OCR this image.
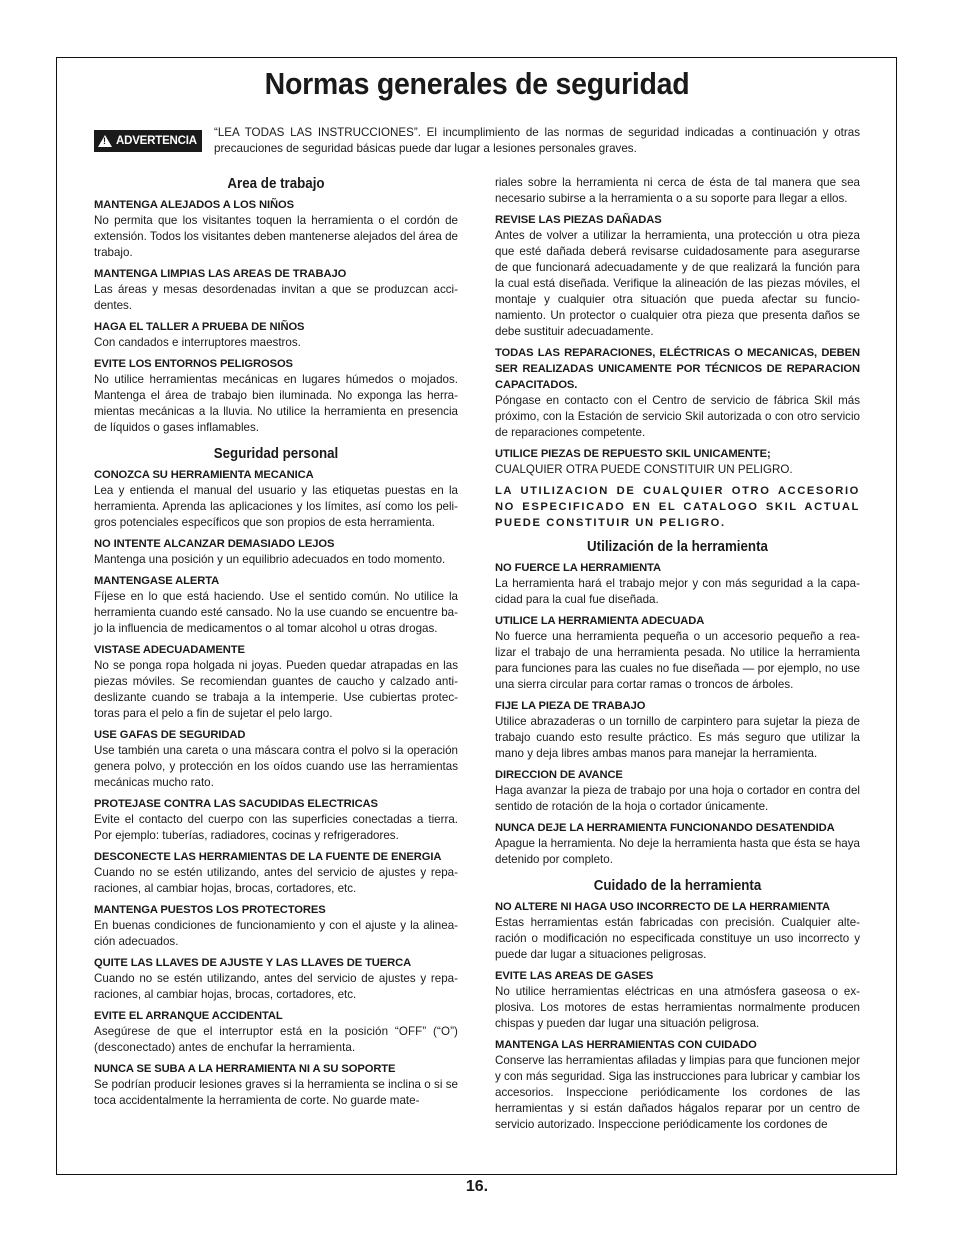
Normas generales de seguridad
! ADVERTENCIA
“LEA TODAS LAS INSTRUCCIONES”. El incumplimiento de las normas de seguridad indicadas a continuación y otras precauciones de seguridad básicas puede dar lugar a lesiones personales graves.
Area de trabajo
MANTENGA ALEJADOS A LOS NIÑOS
No permita que los visitantes toquen la herramienta o el cordón de extensión. Todos los visitantes deben mantenerse alejados del área de trabajo.
MANTENGA LIMPIAS LAS AREAS DE TRABAJO
Las áreas y mesas desordenadas invitan a que se produzcan acci-dentes.
HAGA EL TALLER A PRUEBA DE NIÑOS
Con candados e interruptores maestros.
EVITE LOS ENTORNOS PELIGROSOS
No utilice herramientas mecánicas en lugares húmedos o mojados. Mantenga el área de trabajo bien iluminada. No exponga las herra-mientas mecánicas a la lluvia. No utilice la herramienta en presencia de líquidos o gases inflamables.
Seguridad personal
CONOZCA SU HERRAMIENTA MECANICA
Lea y entienda el manual del usuario y las etiquetas puestas en la herramienta. Aprenda las aplicaciones y los límites, así como los peli-gros potenciales específicos que son propios de esta herramienta.
NO INTENTE ALCANZAR DEMASIADO LEJOS
Mantenga una posición y un equilibrio adecuados en todo momento.
MANTENGASE ALERTA
Fíjese en lo que está haciendo. Use el sentido común. No utilice la herramienta cuando esté cansado. No la use cuando se encuentre ba-jo la influencia de medicamentos o al tomar alcohol u otras drogas.
VISTASE ADECUADAMENTE
No se ponga ropa holgada ni joyas. Pueden quedar atrapadas en las piezas móviles. Se recomiendan guantes de caucho y calzado anti-deslizante cuando se trabaja a la intemperie. Use cubiertas protec-toras para el pelo a fin de sujetar el pelo largo.
USE GAFAS DE SEGURIDAD
Use también una careta o una máscara contra el polvo si la operación genera polvo, y protección en los oídos cuando use las herramientas mecánicas mucho rato.
PROTEJASE CONTRA LAS SACUDIDAS ELECTRICAS
Evite el contacto del cuerpo con las superficies conectadas a tierra. Por ejemplo: tuberías, radiadores, cocinas y refrigeradores.
DESCONECTE LAS HERRAMIENTAS DE LA FUENTE DE ENERGIA
Cuando no se estén utilizando, antes del servicio de ajustes y repa-raciones, al cambiar hojas, brocas, cortadores, etc.
MANTENGA PUESTOS LOS PROTECTORES
En buenas condiciones de funcionamiento y con el ajuste y la alinea-ción adecuados.
QUITE LAS LLAVES DE AJUSTE Y LAS LLAVES DE TUERCA
Cuando no se estén utilizando, antes del servicio de ajustes y repa-raciones, al cambiar hojas, brocas, cortadores, etc.
EVITE EL ARRANQUE ACCIDENTAL
Asegúrese de que el interruptor está en la posición “OFF” (“O”)(desconectado) antes de enchufar la herramienta.
NUNCA SE SUBA A LA HERRAMIENTA NI A SU SOPORTE
Se podrían producir lesiones graves si la herramienta se inclina o si se toca accidentalmente la herramienta de corte. No guarde mate-
riales sobre la herramienta ni cerca de ésta de tal manera que sea necesario subirse a la herramienta o a su soporte para llegar a ellos.
REVISE LAS PIEZAS DAÑADAS
Antes de volver a utilizar la herramienta, una protección u otra pieza que esté dañada deberá revisarse cuidadosamente para asegurarse de que funcionará adecuadamente y de que realizará la función para la cual está diseñada. Verifique la alineación de las piezas móviles, el montaje y cualquier otra situación que pueda afectar su funcio-namiento. Un protector o cualquier otra pieza que presenta daños se debe sustituir adecuadamente.
TODAS LAS REPARACIONES, ELÉCTRICAS O MECANICAS, DEBEN SER REALIZADAS UNICAMENTE POR TÉCNICOS DE REPARACION CAPACITADOS.
Póngase en contacto con el Centro de servicio de fábrica Skil más próximo, con la Estación de servicio Skil autorizada o con otro servicio de reparaciones competente.
UTILICE PIEZAS DE REPUESTO SKIL UNICAMENTE;
CUALQUIER OTRA PUEDE CONSTITUIR UN PELIGRO.
LA UTILIZACION DE CUALQUIER OTRO ACCESORIO NO ESPECIFICADO EN EL CATALOGO SKIL ACTUAL PUEDE CONSTITUIR UN PELIGRO.
Utilización de la herramienta
NO FUERCE LA HERRAMIENTA
La herramienta hará el trabajo mejor y con más seguridad a la capa-cidad para la cual fue diseñada.
UTILICE LA HERRAMIENTA ADECUADA
No fuerce una herramienta pequeña o un accesorio pequeño a rea-lizar el trabajo de una herramienta pesada. No utilice la herramienta para funciones para las cuales no fue diseñada — por ejemplo, no use una sierra circular para cortar ramas o troncos de árboles.
FIJE LA PIEZA DE TRABAJO
Utilice abrazaderas o un tornillo de carpintero para sujetar la pieza de trabajo cuando esto resulte práctico. Es más seguro que utilizar la mano y deja libres ambas manos para manejar la herramienta.
DIRECCION DE AVANCE
Haga avanzar la pieza de trabajo por una hoja o cortador en contra del sentido de rotación de la hoja o cortador únicamente.
NUNCA DEJE LA HERRAMIENTA FUNCIONANDO DESATENDIDA
Apague la herramienta. No deje la herramienta hasta que ésta se haya detenido por completo.
Cuidado de la herramienta
NO ALTERE NI HAGA USO INCORRECTO DE LA HERRAMIENTA
Estas herramientas están fabricadas con precisión. Cualquier alte-ración o modificación no especificada constituye un uso incorrecto y puede dar lugar a situaciones peligrosas.
EVITE LAS AREAS DE GASES
No utilice herramientas eléctricas en una atmósfera gaseosa o ex-plosiva. Los motores de estas herramientas normalmente producen chispas y pueden dar lugar una situación peligrosa.
MANTENGA LAS HERRAMIENTAS CON CUIDADO
Conserve las herramientas afiladas y limpias para que funcionen mejor y con más seguridad. Siga las instrucciones para lubricar y cambiar los accesorios. Inspeccione periódicamente los cordones de las herramientas y si están dañados hágalos reparar por un centro de servicio autorizado. Inspeccione periódicamente los cordones de
16.
